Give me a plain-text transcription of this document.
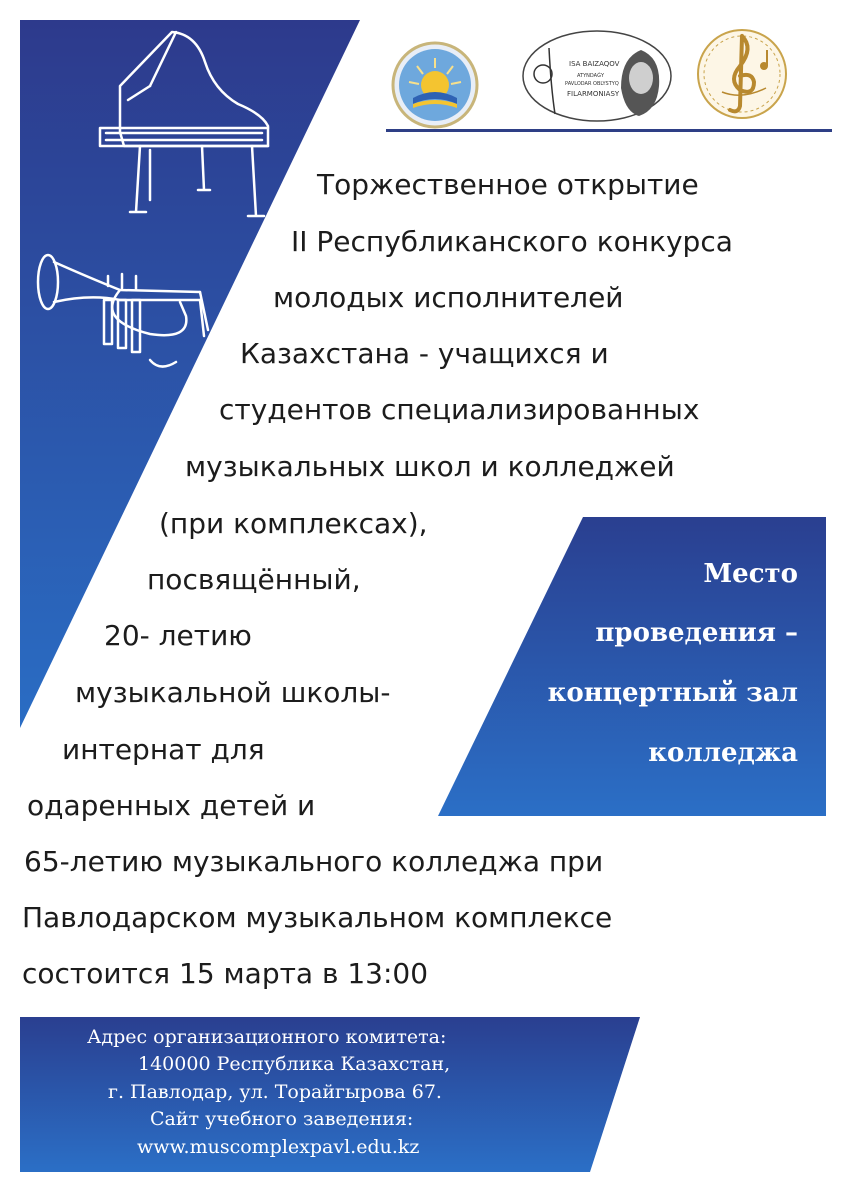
ISA BAIZAQOV
ATYNDAǴY
PAVLODAR OBLYSTYQ
FILARMONIASY
Торжественное открытие
II Республиканского конкурса
молодых исполнителей
Казахстана - учащихся и
студентов специализированных
музыкальных школ и колледжей
(при комплексах),
посвящённый,
20- летию
музыкальной школы-
интернат для
одаренных детей и
65-летию музыкального колледжа при
Павлодарском музыкальном комплексе
состоится 15 марта в 13:00
Место
проведения –
концертный зал
колледжа
Адрес организационного комитета:
140000 Республика Казахстан,
г. Павлодар, ул. Торайгырова 67.
Сайт учебного заведения:
www.muscomplexpavl.edu.kz
